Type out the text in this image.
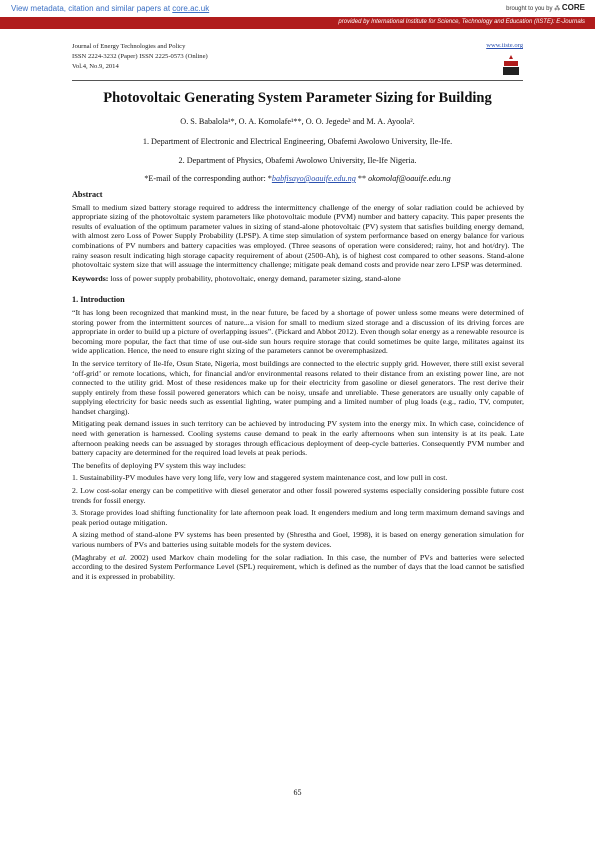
View metadata, citation and similar papers at core.ac.uk	brought to you by ⁂ CORE
provided by International Institute for Science, Technology and Education (IISTE): E-Journals
Journal of Energy Technologies and Policy
ISSN 2224-3232 (Paper) ISSN 2225-0573 (Online)
Vol.4, No.9, 2014
www.iiste.org
Photovoltaic Generating System Parameter Sizing for Building
O. S. Babalola¹*, O. A. Komolafe¹**, O. O. Jegede² and M. A. Ayoola².
1. Department of Electronic and Electrical Engineering, Obafemi Awolowo University, Ile-Ife.
2. Department of Physics, Obafemi Awolowo University, Ile-Ife Nigeria.
*E-mail of the corresponding author: *babfisayo@oauife.edu.ng ** okomolaf@oauife.edu.ng
Abstract

Small to medium sized battery storage required to address the intermittency challenge of the energy of solar radiation could be achieved by appropriate sizing of the photovoltaic system parameters like photovoltaic module (PVM) number and battery capacity. This paper presents the results of evaluation of the optimum parameter values in sizing of stand-alone photovoltaic (PV) system that satisfies building energy demand, with almost zero Loss of Power Supply Probability (LPSP). A time step simulation of system performance based on energy balance for various combinations of PV numbers and battery capacities was employed. (Three seasons of operation were considered; rainy, hot and hot/dry). The rainy season result indicating high storage capacity requirement of about (2500-Ah), is of highest cost compared to other seasons. Stand-alone photovoltaic system size that will assuage the intermittency challenge; mitigate peak demand costs and provide near zero LPSP was determined.

Keywords: loss of power supply probability, photovoltaic, energy demand, parameter sizing, stand-alone

1. Introduction

“It has long been recognized that mankind must, in the near future, be faced by a shortage of power unless some means were determined of storing power from the intermittent sources of nature...a vision for small to medium sized storage and a discussion of its driving forces are appropriate in order to build up a picture of overlapping issues”. (Pickard and Abbot 2012). Even though solar energy as a renewable resource is becoming more popular, the fact that time of use out-side sun hours require storage that could sometimes be quite large, militates against its wide application. Hence, the need to ensure right sizing of the parameters cannot be overemphasized.

In the service territory of Ile-Ife, Osun State, Nigeria, most buildings are connected to the electric supply grid. However, there still exist several ‘off-grid’ or remote locations, which, for financial and/or environmental reasons related to their distance from an existing power line, are not connected to the utility grid. Most of these residences make up for their electricity from gasoline or diesel generators. The rest derive their supply entirely from these fossil powered generators which can be noisy, unsafe and unreliable. These generators are usually only capable of supplying electricity for basic needs such as essential lighting, water pumping and a limited number of plug loads (e.g., radio, TV, computer, handset charging).

Mitigating peak demand issues in such territory can be achieved by introducing PV system into the energy mix. In which case, coincidence of need with generation is harnessed. Cooling systems cause demand to peak in the early afternoons when sun intensity is at its peak. Late afternoon peaking needs can be assuaged by storages through efficacious deployment of deep-cycle batteries. Consequently PVM number and battery capacity are determined for the required load levels at peak periods.

The benefits of deploying PV system this way includes:

1. Sustainability-PV modules have very long life, very low and staggered system maintenance cost, and low pull in cost.

2. Low cost-solar energy can be competitive with diesel generator and other fossil powered systems especially considering possible future cost trends for fossil energy.

3. Storage provides load shifting functionality for late afternoon peak load. It engenders medium and long term maximum demand savings and peak period outage mitigation.

A sizing method of stand-alone PV systems has been presented by (Shrestha and Goel, 1998), it is based on energy generation simulation for various numbers of PVs and batteries using suitable models for the system devices.

(Maghraby et al. 2002) used Markov chain modeling for the solar radiation. In this case, the number of PVs and batteries were selected according to the desired System Performance Level (SPL) requirement, which is defined as the number of days that the load cannot be satisfied and it is expressed in probability.

65
